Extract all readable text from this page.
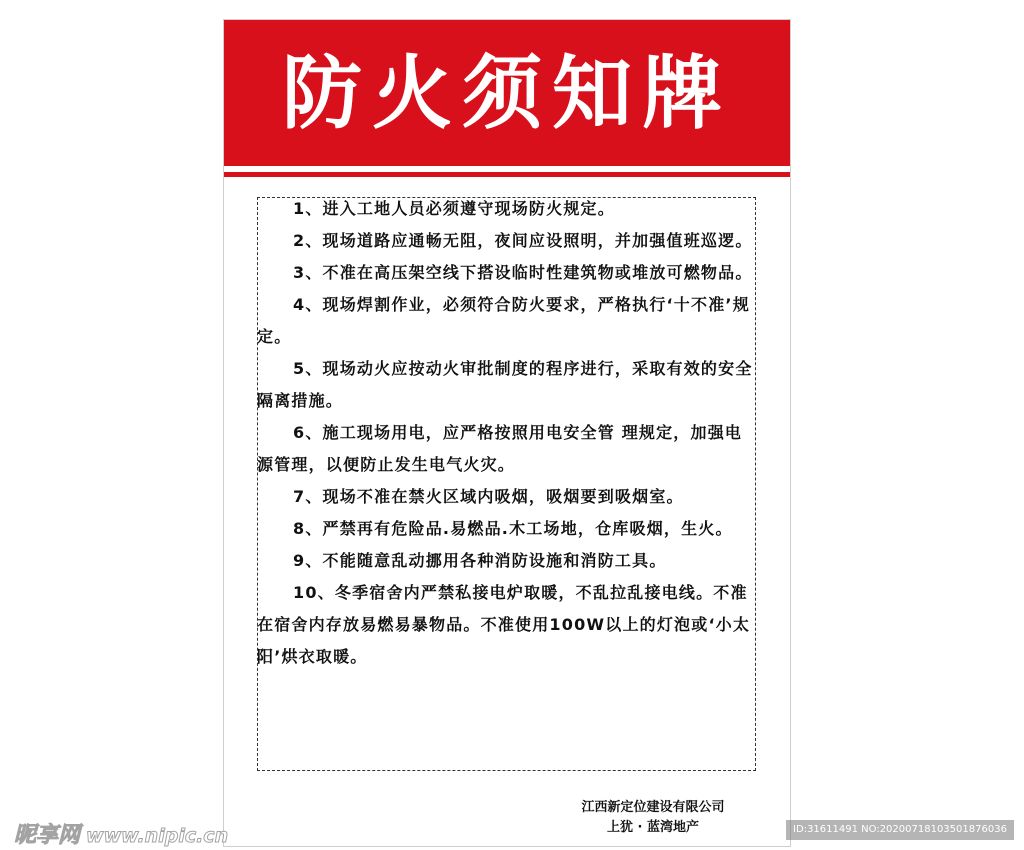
防火须知牌
1、进入工地人员必须遵守现场防火规定。
2、现场道路应通畅无阻，夜间应设照明，并加强值班巡逻。
3、不准在高压架空线下搭设临时性建筑物或堆放可燃物品。
4、现场焊割作业，必须符合防火要求，严格执行‘十不准’规定。
5、现场动火应按动火审批制度的程序进行，采取有效的安全隔离措施。
6、施工现场用电，应严格按照用电安全管 理规定，加强电源管理，以便防止发生电气火灾。
7、现场不准在禁火区域内吸烟，吸烟要到吸烟室。
8、严禁再有危险品.易燃品.木工场地，仓库吸烟，生火。
9、不能随意乱动挪用各种消防设施和消防工具。
10、冬季宿舍内严禁私接电炉取暖，不乱拉乱接电线。不准在宿舍内存放易燃易暴物品。不准使用100W以上的灯泡或‘小太阳’烘衣取暖。
江西新定位建设有限公司
上犹 · 蓝湾地产
昵享网 www.nipic.cn	ID:31611491 NO:20200718103501876036
